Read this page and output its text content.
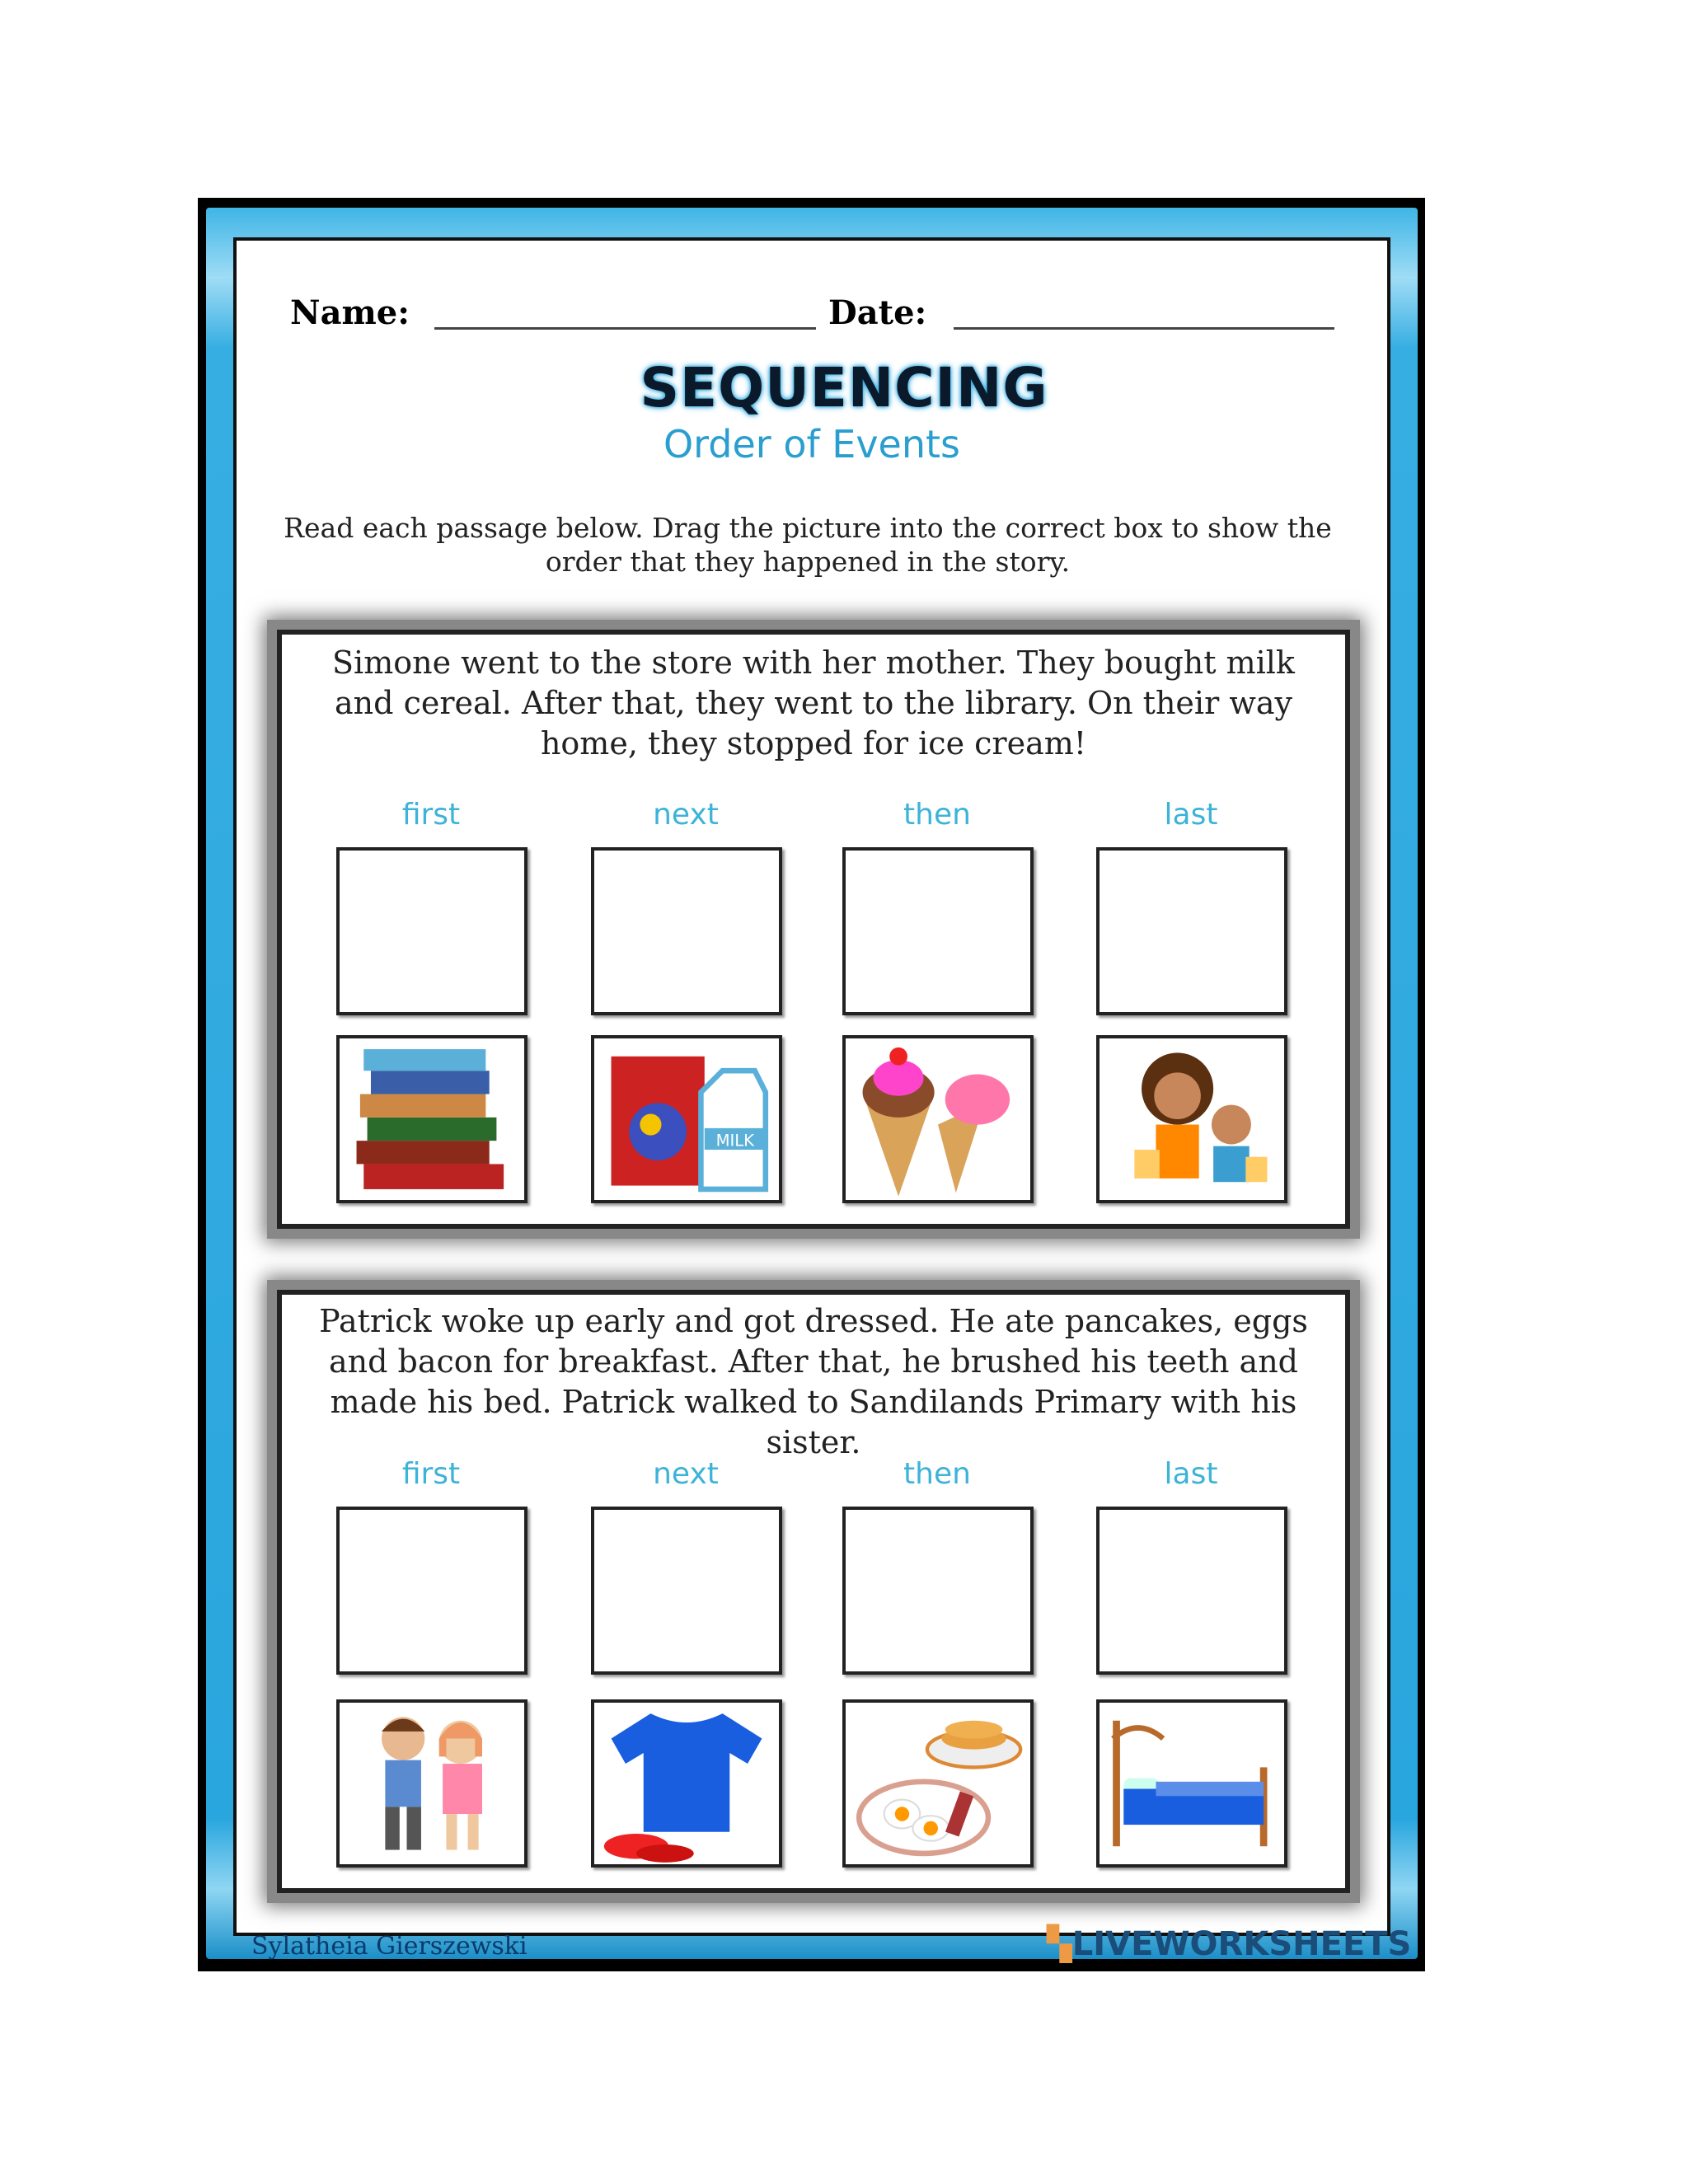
Name:	Date:
SEQUENCING
Order of Events
Read each passage below. Drag the picture into the correct box to show the order that they happened in the story.
Simone went to the store with her mother. They bought milk and cereal. After that, they went to the library. On their way home, they stopped for ice cream!
Patrick woke up early and got dressed. He ate pancakes, eggs and bacon for breakfast. After that, he brushed his teeth and made his bed. Patrick walked to Sandilands Primary with his sister.
Sylatheia Gierszewski	▚LIVEWORKSHEETS
first	next
MILK
then	last
first	next	then	last
